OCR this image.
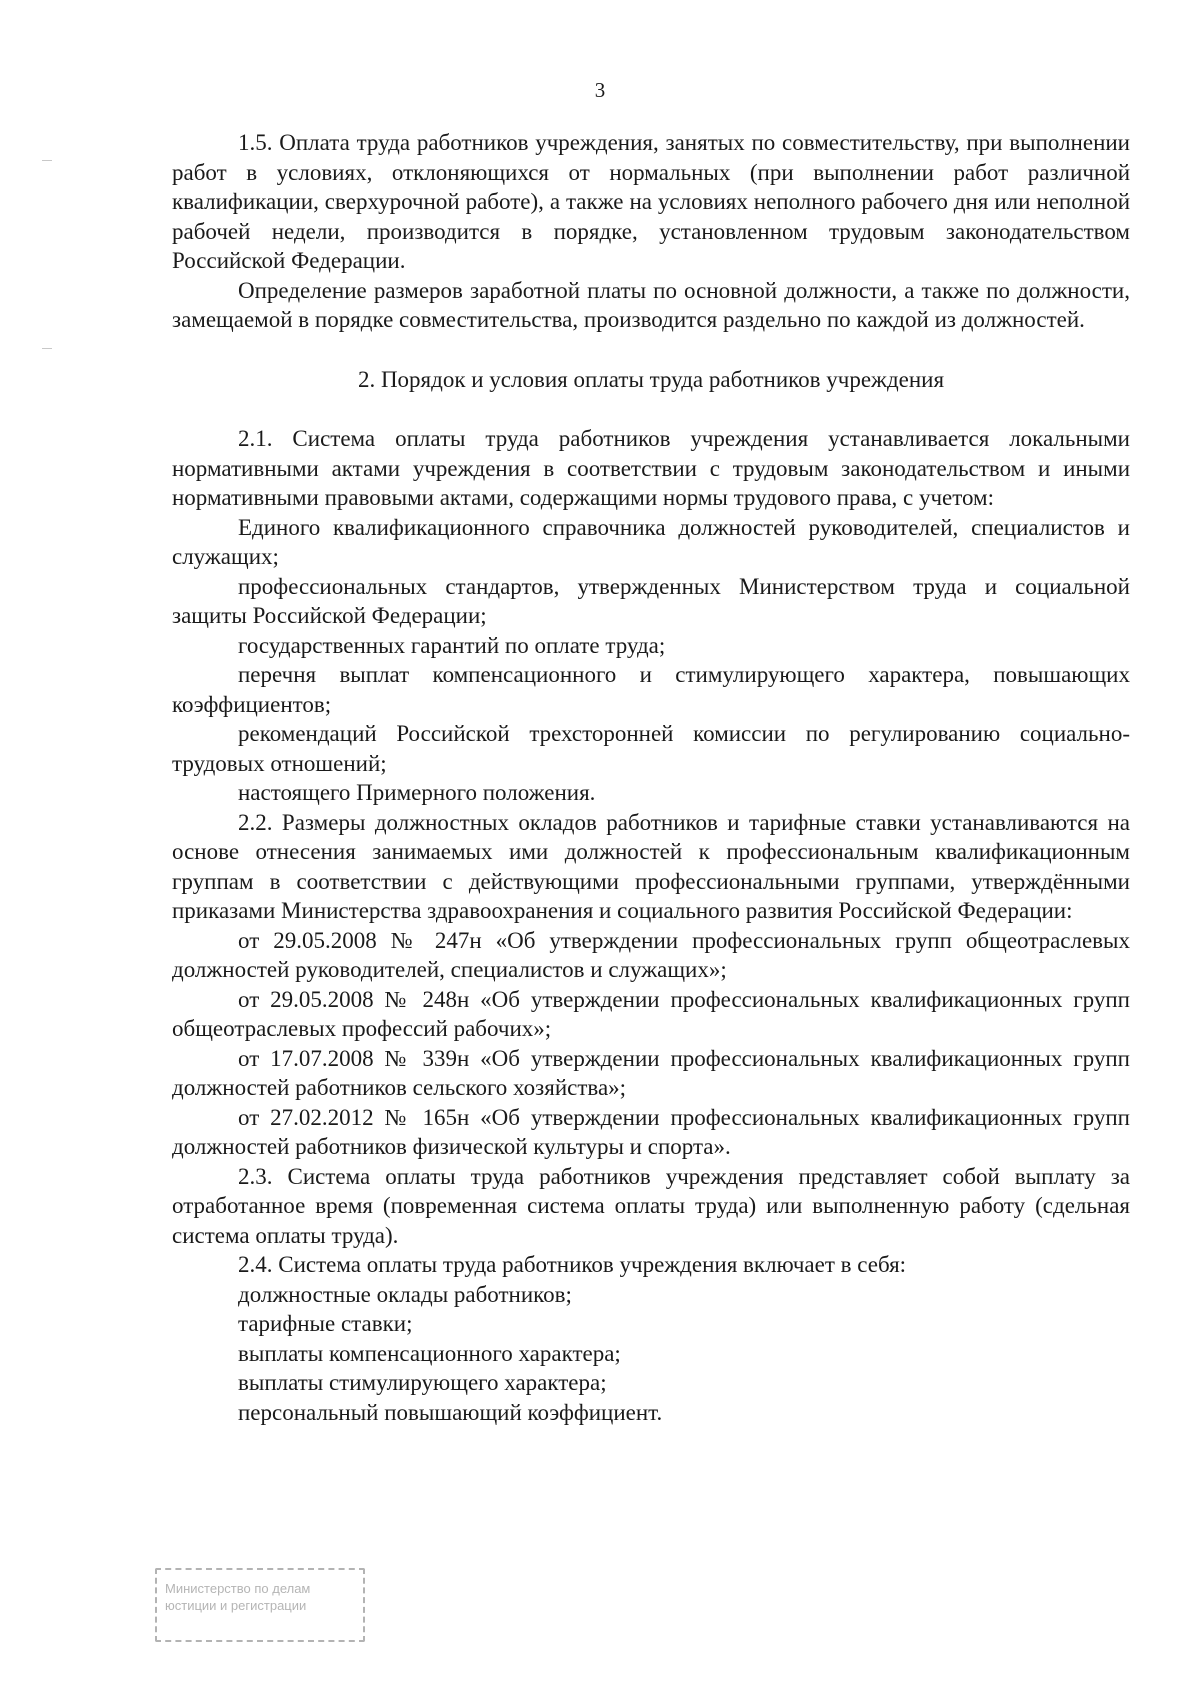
3

1.5. Оплата труда работников учреждения, занятых по совместительству, при выполнении работ в условиях, отклоняющихся от нормальных (при выполнении работ различной квалификации, сверхурочной работе), а также на условиях неполного рабочего дня или неполной рабочей недели, производится в порядке, установленном трудовым законодательством Российской Федерации.

Определение размеров заработной платы по основной должности, а также по должности, замещаемой в порядке совместительства, производится раздельно по каждой из должностей.

2. Порядок и условия оплаты труда работников учреждения

2.1. Система оплаты труда работников учреждения устанавливается локальными нормативными актами учреждения в соответствии с трудовым законодательством и иными нормативными правовыми актами, содержащими нормы трудового права, с учетом:

Единого квалификационного справочника должностей руководителей, специалистов и служащих;

профессиональных стандартов, утвержденных Министерством труда и социальной защиты Российской Федерации;

государственных гарантий по оплате труда;

перечня выплат компенсационного и стимулирующего характера, повышающих коэффициентов;

рекомендаций Российской трехсторонней комиссии по регулированию социально-трудовых отношений;

настоящего Примерного положения.

2.2. Размеры должностных окладов работников и тарифные ставки устанавливаются на основе отнесения занимаемых ими должностей к профессиональным квалификационным группам в соответствии с действующими профессиональными группами, утверждёнными приказами Министерства здравоохранения и социального развития Российской Федерации:

от 29.05.2008 № 247н «Об утверждении профессиональных групп общеотраслевых должностей руководителей, специалистов и служащих»;

от 29.05.2008 № 248н «Об утверждении профессиональных квалификационных групп общеотраслевых профессий рабочих»;

от 17.07.2008 № 339н «Об утверждении профессиональных квалификационных групп должностей работников сельского хозяйства»;

от 27.02.2012 № 165н «Об утверждении профессиональных квалификационных групп должностей работников физической культуры и спорта».

2.3. Система оплаты труда работников учреждения представляет собой выплату за отработанное время (повременная система оплаты труда) или выполненную работу (сдельная система оплаты труда).

2.4. Система оплаты труда работников учреждения включает в себя:

должностные оклады работников;

тарифные ставки;

выплаты компенсационного характера;

выплаты стимулирующего характера;

персональный повышающий коэффициент.

Министерство по делам
юстиции и регистрации
